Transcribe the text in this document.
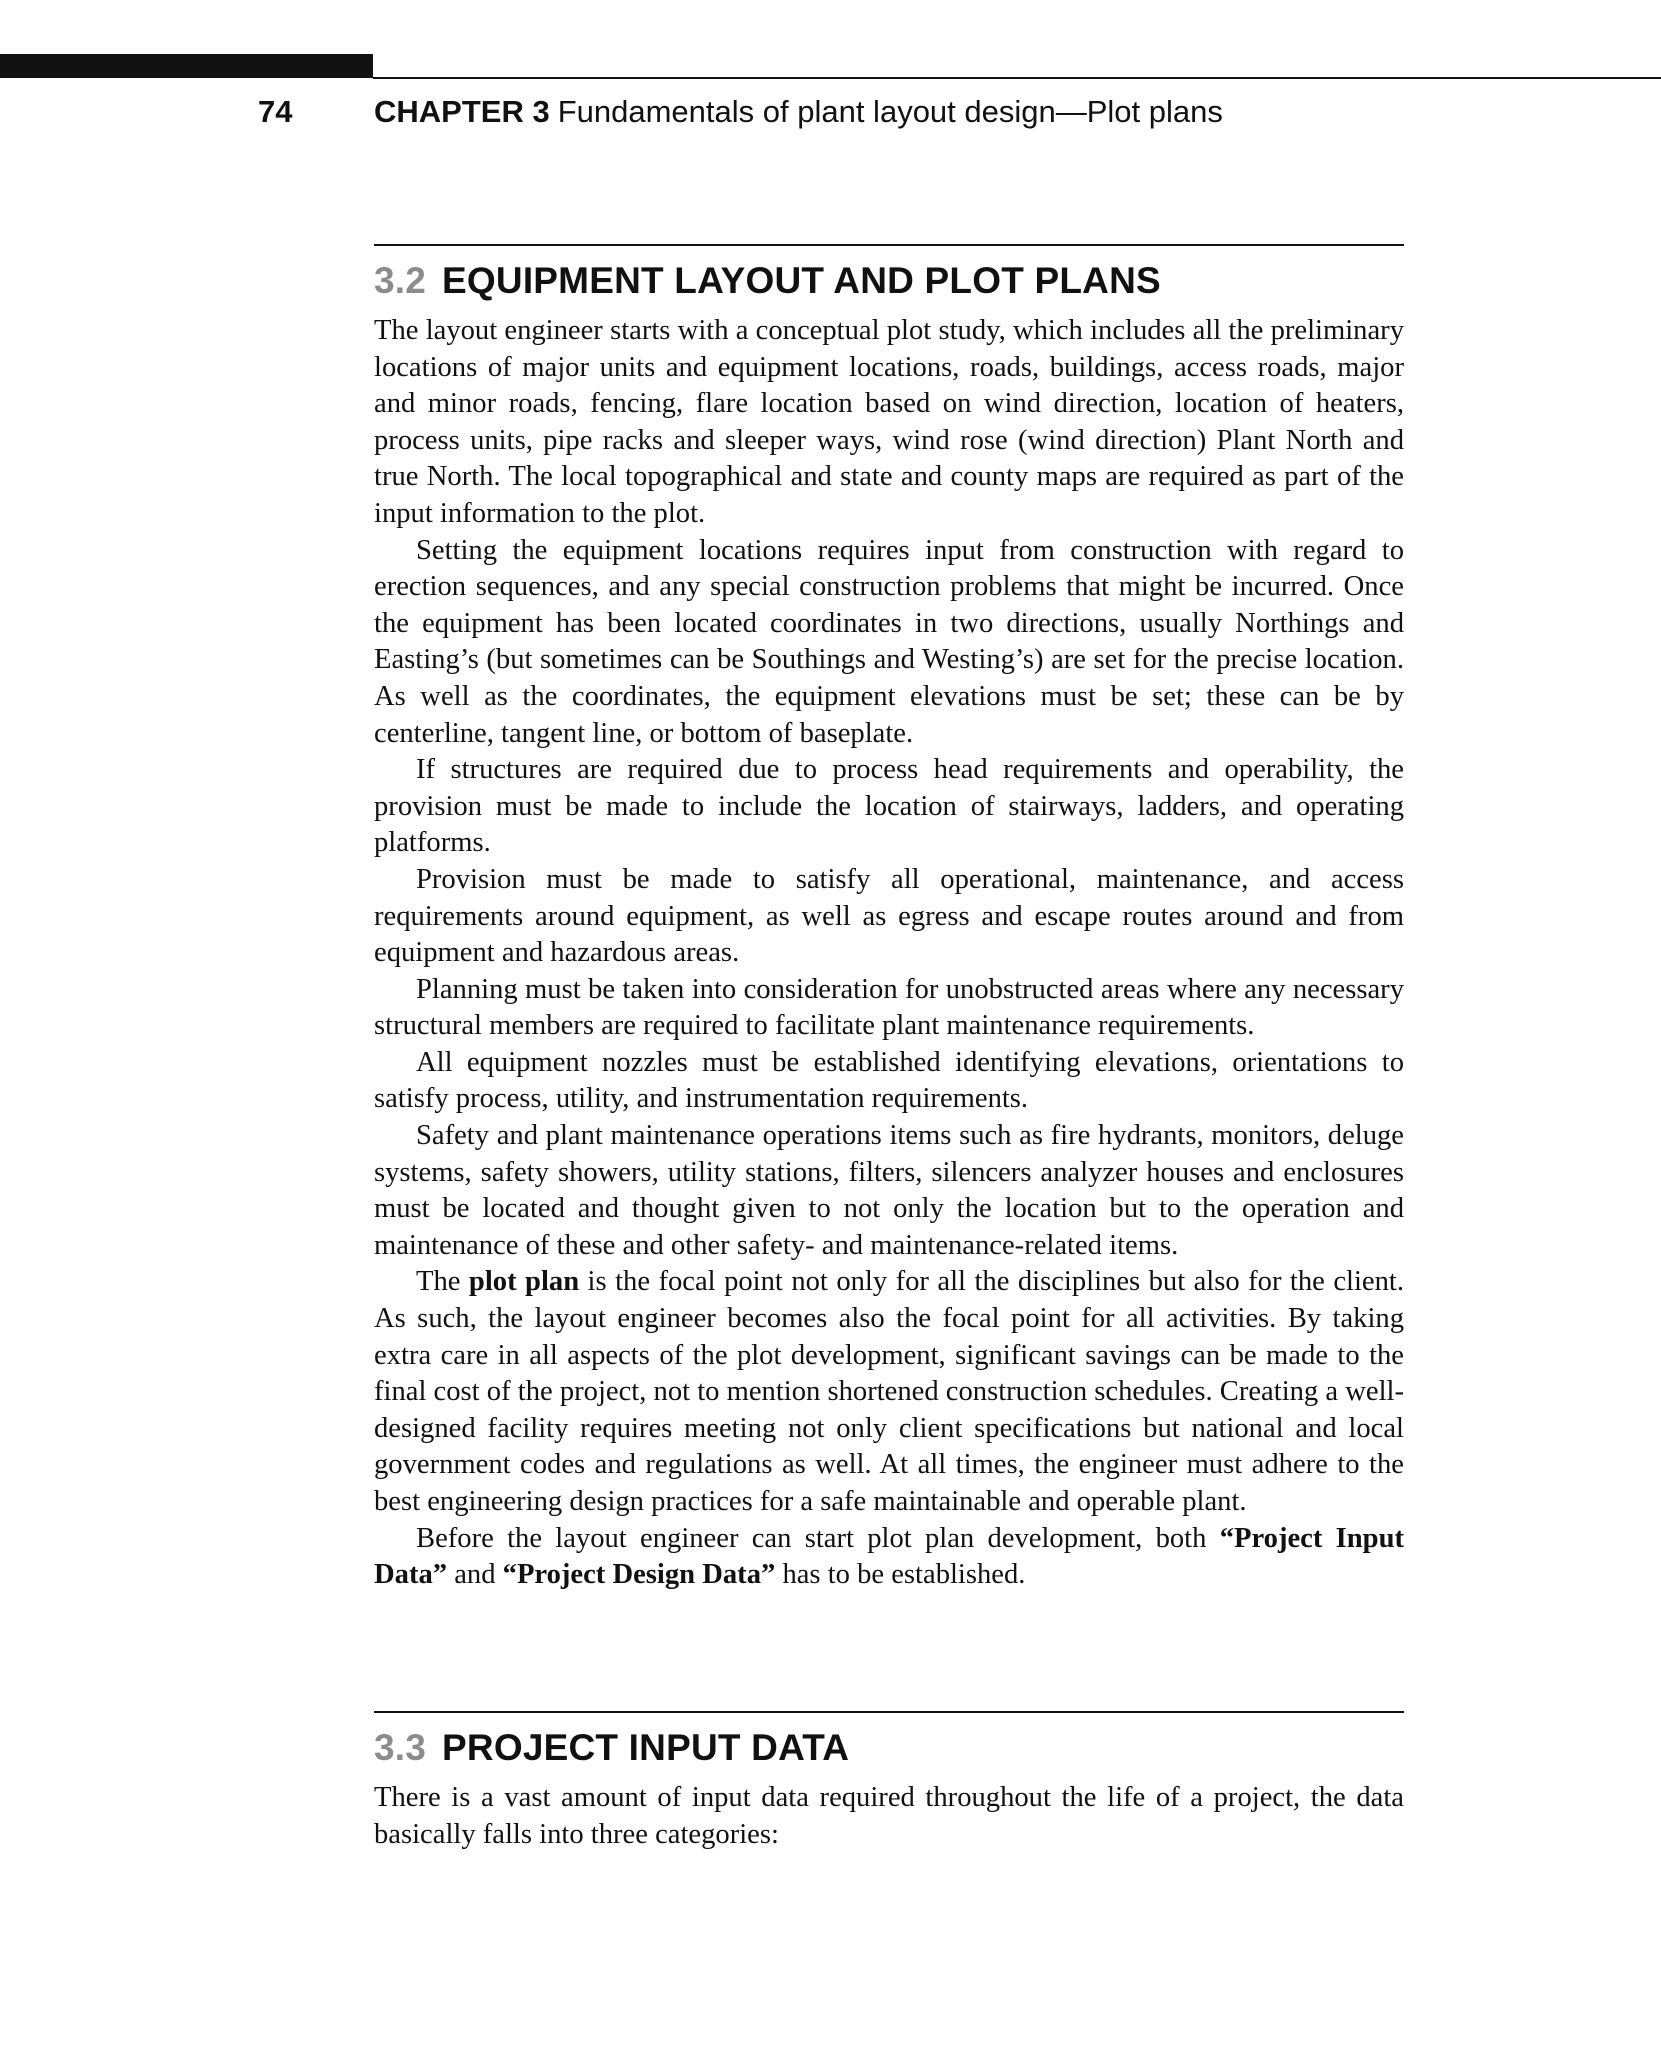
74	CHAPTER 3 Fundamentals of plant layout design—Plot plans
3.2 EQUIPMENT LAYOUT AND PLOT PLANS

The layout engineer starts with a conceptual plot study, which includes all the preliminary locations of major units and equipment locations, roads, buildings, access roads, major and minor roads, fencing, flare location based on wind direction, location of heaters, process units, pipe racks and sleeper ways, wind rose (wind direction) Plant North and true North. The local topographical and state and county maps are required as part of the input information to the plot.

Setting the equipment locations requires input from construction with regard to erection sequences, and any special construction problems that might be incurred. Once the equipment has been located coordinates in two directions, usually Northings and Easting’s (but sometimes can be Southings and Westing’s) are set for the precise location. As well as the coordinates, the equipment elevations must be set; these can be by centerline, tangent line, or bottom of baseplate.

If structures are required due to process head requirements and operability, the provision must be made to include the location of stairways, ladders, and operating platforms.

Provision must be made to satisfy all operational, maintenance, and access requirements around equipment, as well as egress and escape routes around and from equipment and hazardous areas.

Planning must be taken into consideration for unobstructed areas where any necessary structural members are required to facilitate plant maintenance requirements.

All equipment nozzles must be established identifying elevations, orientations to satisfy process, utility, and instrumentation requirements.

Safety and plant maintenance operations items such as fire hydrants, monitors, deluge systems, safety showers, utility stations, filters, silencers analyzer houses and enclosures must be located and thought given to not only the location but to the operation and maintenance of these and other safety- and maintenance-related items.

The plot plan is the focal point not only for all the disciplines but also for the client. As such, the layout engineer becomes also the focal point for all activities. By taking extra care in all aspects of the plot development, significant savings can be made to the final cost of the project, not to mention shortened construction schedules. Creating a well-designed facility requires meeting not only client specifications but national and local government codes and regulations as well. At all times, the engineer must adhere to the best engineering design practices for a safe maintainable and operable plant.

Before the layout engineer can start plot plan development, both “Project Input Data” and “Project Design Data” has to be established.

3.3 PROJECT INPUT DATA

There is a vast amount of input data required throughout the life of a project, the data basically falls into three categories:
